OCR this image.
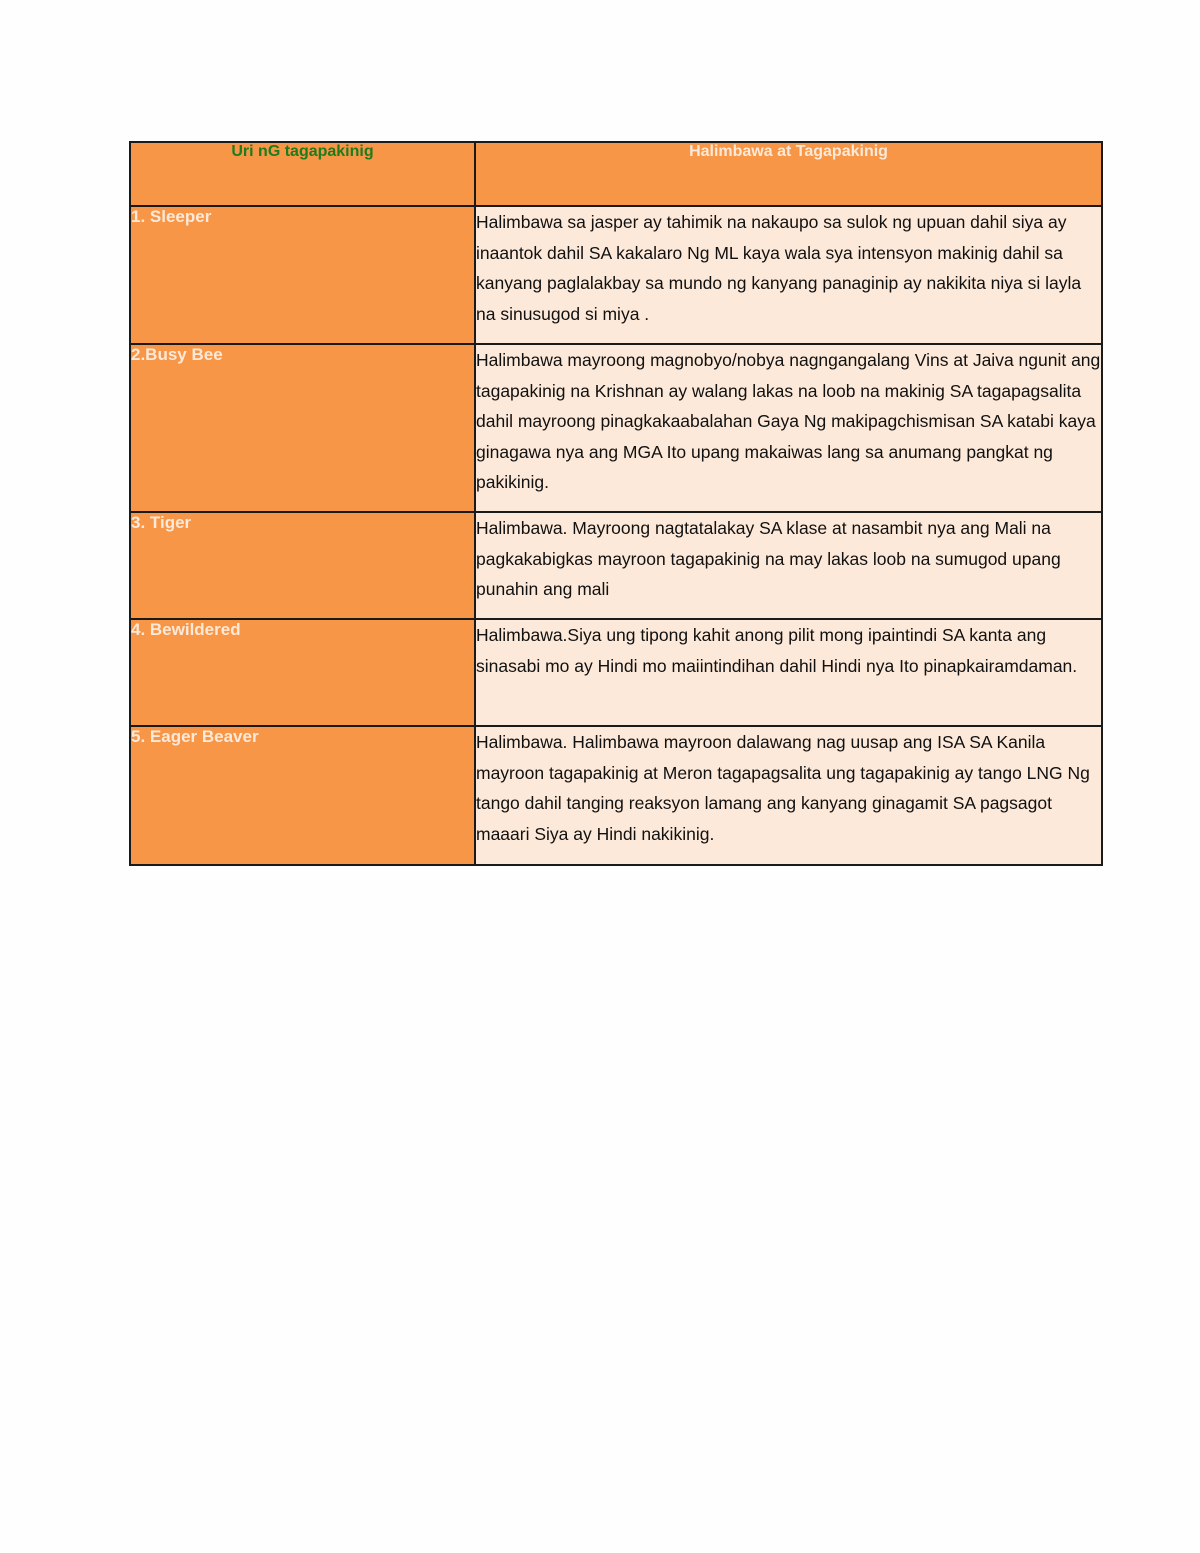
Uri nG tagapakinig	Halimbawa at Tagapakinig
1. Sleeper	Halimbawa sa jasper ay tahimik na nakaupo sa sulok ng upuan dahil siya ay inaantok dahil SA kakalaro Ng ML kaya wala sya intensyon makinig dahil sa kanyang paglalakbay sa mundo ng kanyang panaginip ay nakikita niya si layla na sinusugod si miya .
2.Busy Bee	Halimbawa mayroong magnobyo/nobya nagngangalang Vins at Jaiva ngunit ang tagapakinig na Krishnan ay walang lakas na loob na makinig SA tagapagsalita dahil mayroong pinagkakaabalahan Gaya Ng makipagchismisan SA katabi kaya ginagawa nya ang MGA Ito upang makaiwas lang sa anumang pangkat ng pakikinig.
3. Tiger	Halimbawa. Mayroong nagtatalakay SA klase at nasambit nya ang Mali na pagkakabigkas mayroon tagapakinig na may lakas loob na sumugod upang punahin ang mali
4. Bewildered	Halimbawa.Siya ung tipong kahit anong pilit mong ipaintindi SA kanta ang sinasabi mo ay Hindi mo maiintindihan dahil Hindi nya Ito pinapkairamdaman.
5. Eager Beaver	Halimbawa. Halimbawa mayroon dalawang nag uusap ang ISA SA Kanila mayroon tagapakinig at Meron tagapagsalita ung tagapakinig ay tango LNG Ng tango dahil tanging reaksyon lamang ang kanyang ginagamit SA pagsagot maaari Siya ay Hindi nakikinig.
